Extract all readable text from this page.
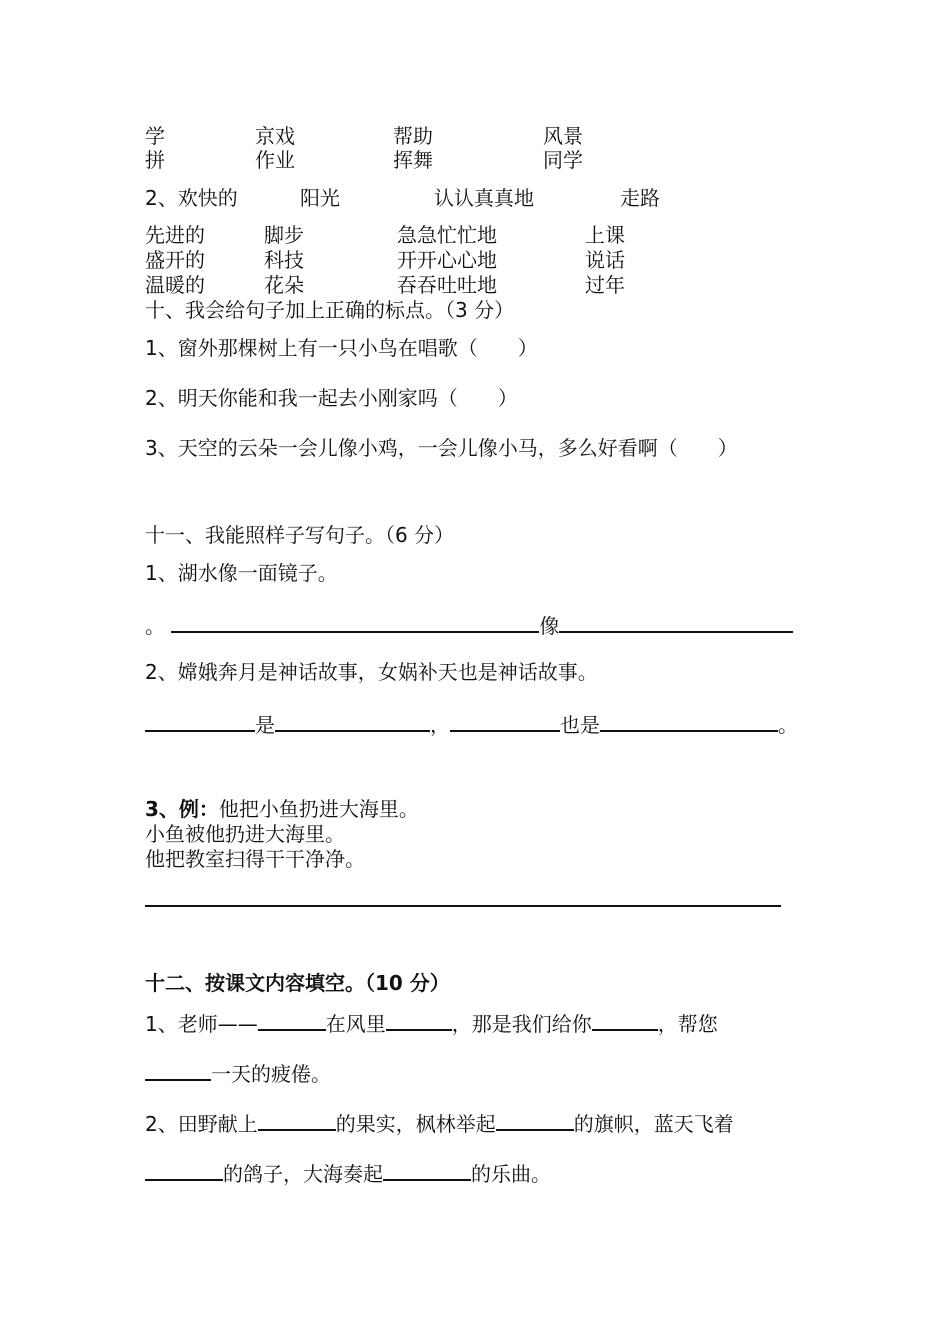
学	京戏	帮助	风景
拼	作业	挥舞	同学
2、欢快的	阳光	认认真真地	走路
先进的	脚步	急急忙忙地	上课
盛开的	科技	开开心心地	说话
温暖的	花朵	吞吞吐吐地	过年
十、我会给句子加上正确的标点。（3 分）
1、窗外那棵树上有一只小鸟在唱歌（　　）
2、明天你能和我一起去小刚家吗（　　）
3、天空的云朵一会儿像小鸡，一会儿像小马，多么好看啊（　　）
十一、我能照样子写句子。（6 分）
1、湖水像一面镜子。
。	像
2、嫦娥奔月是神话故事，女娲补天也是神话故事。
是	，	也是	。
3、例：他把小鱼扔进大海里。
小鱼被他扔进大海里。
他把教室扫得干干净净。
十二、按课文内容填空。（10 分）
1、老师——	在风里	，那是我们给你	，帮您
一天的疲倦。
2、田野献上	的果实，枫林举起	的旗帜，蓝天飞着
的鸽子，大海奏起	的乐曲。
